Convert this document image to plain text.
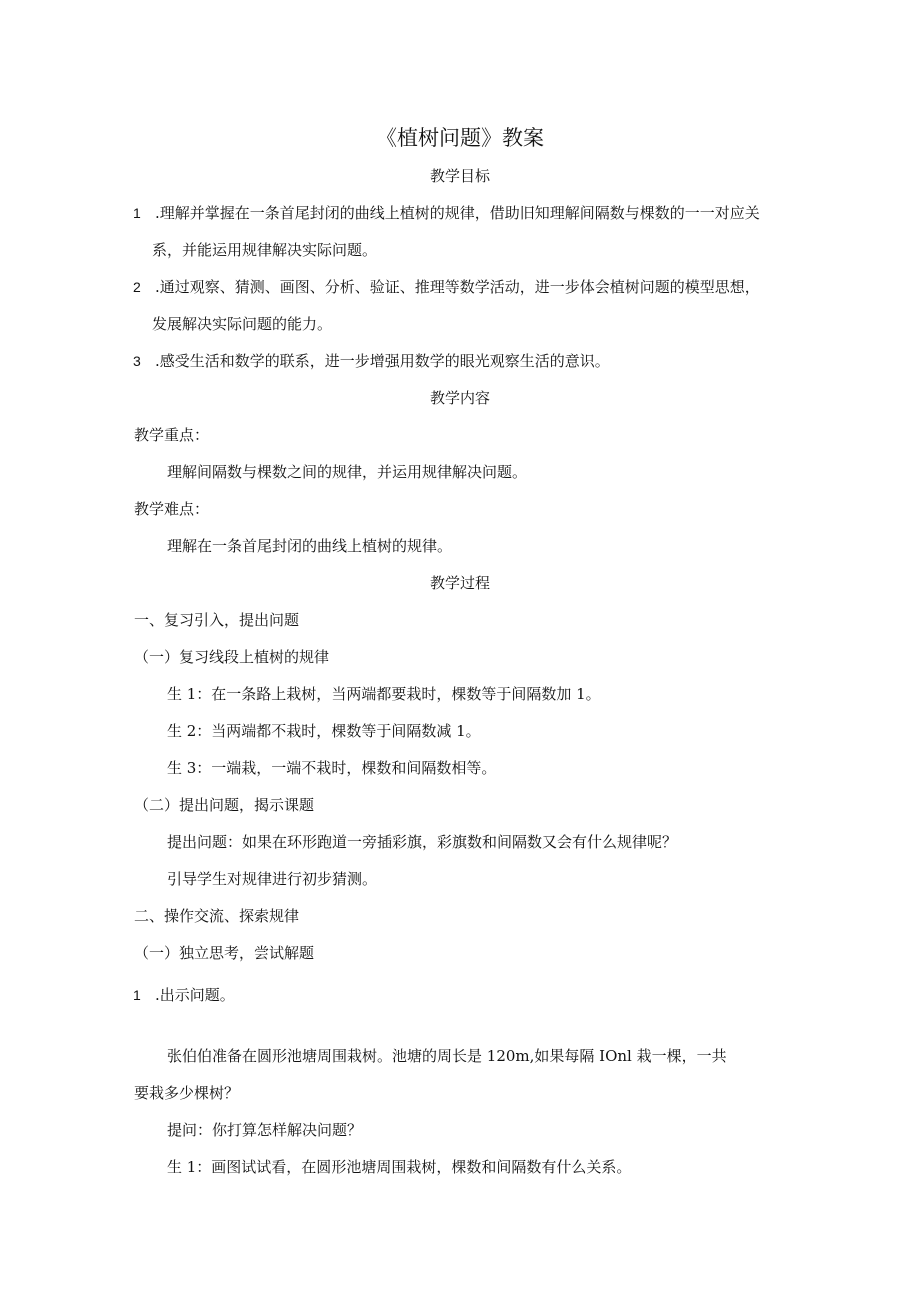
《植树问题》教案
教学目标
1 .理解并掌握在一条首尾封闭的曲线上植树的规律，借助旧知理解间隔数与棵数的一一对应关
系，并能运用规律解决实际问题。
2 .通过观察、猜测、画图、分析、验证、推理等数学活动，进一步体会植树问题的模型思想，
发展解决实际问题的能力。
3 .感受生活和数学的联系，进一步增强用数学的眼光观察生活的意识。
教学内容
教学重点：
理解间隔数与棵数之间的规律，并运用规律解决问题。
教学难点：
理解在一条首尾封闭的曲线上植树的规律。
教学过程
一、复习引入，提出问题
（一）复习线段上植树的规律
生 1：在一条路上栽树，当两端都要栽时，棵数等于间隔数加 1。
生 2：当两端都不栽时，棵数等于间隔数减 1。
生 3：一端栽，一端不栽时，棵数和间隔数相等。
（二）提出问题，揭示课题
提出问题：如果在环形跑道一旁插彩旗，彩旗数和间隔数又会有什么规律呢？
引导学生对规律进行初步猜测。
二、操作交流、探索规律
（一）独立思考，尝试解题
1 .出示问题。
张伯伯准备在圆形池塘周围栽树。池塘的周长是 120m,如果每隔 IOnl 栽一棵，一共
要栽多少棵树？
提问：你打算怎样解决问题？
生 1：画图试试看，在圆形池塘周围栽树，棵数和间隔数有什么关系。
